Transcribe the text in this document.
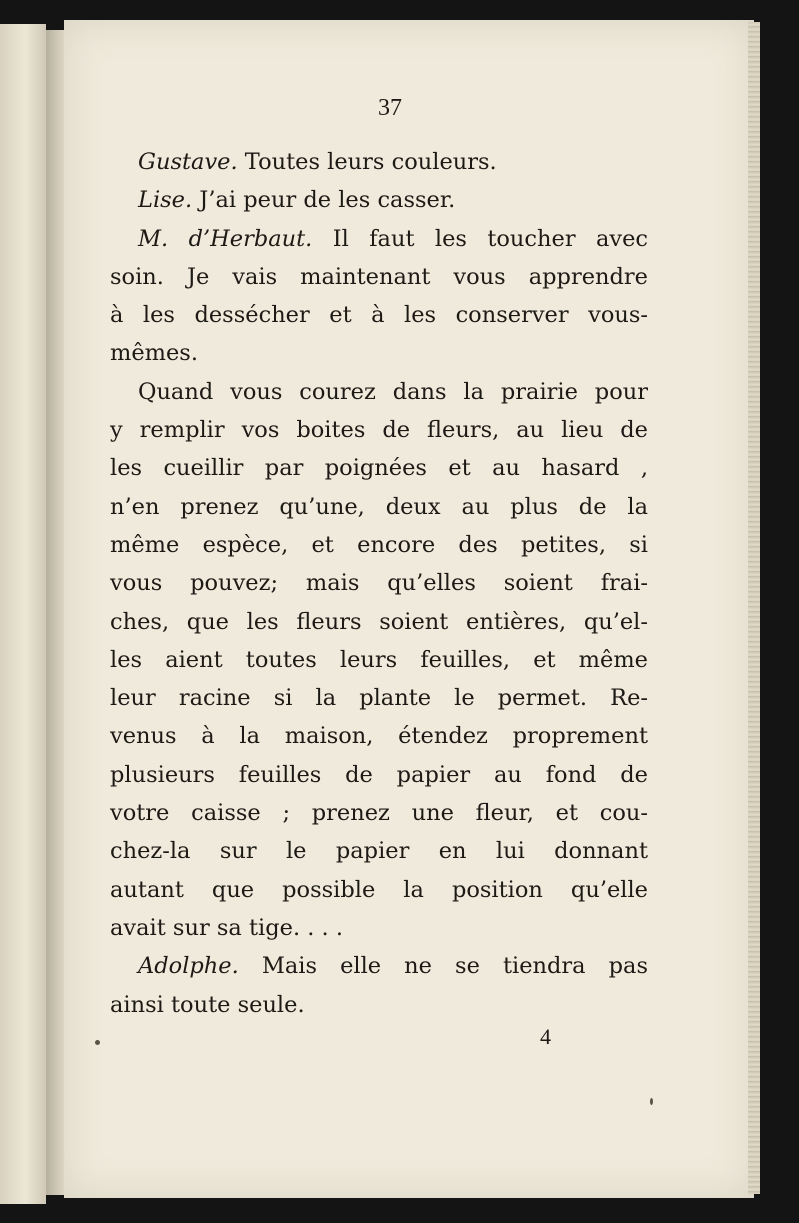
37
Gustave. Toutes leurs couleurs.
Lise. J’ai peur de les casser.
M. d’Herbaut. Il faut les toucher avec
soin. Je vais maintenant vous apprendre
à les dessécher et à les conserver vous-
mêmes.
Quand vous courez dans la prairie pour
y remplir vos boites de fleurs, au lieu de
les cueillir par poignées et au hasard ,
n’en prenez qu’une, deux au plus de la
même espèce, et encore des petites, si
vous pouvez; mais qu’elles soient frai-
ches, que les fleurs soient entières, qu’el-
les aient toutes leurs feuilles, et même
leur racine si la plante le permet. Re-
venus à la maison, étendez proprement
plusieurs feuilles de papier au fond de
votre caisse ; prenez une fleur, et cou-
chez-la sur le papier en lui donnant
autant que possible la position qu’elle
avait sur sa tige. . . .
Adolphe. Mais elle ne se tiendra pas
ainsi toute seule.
4
